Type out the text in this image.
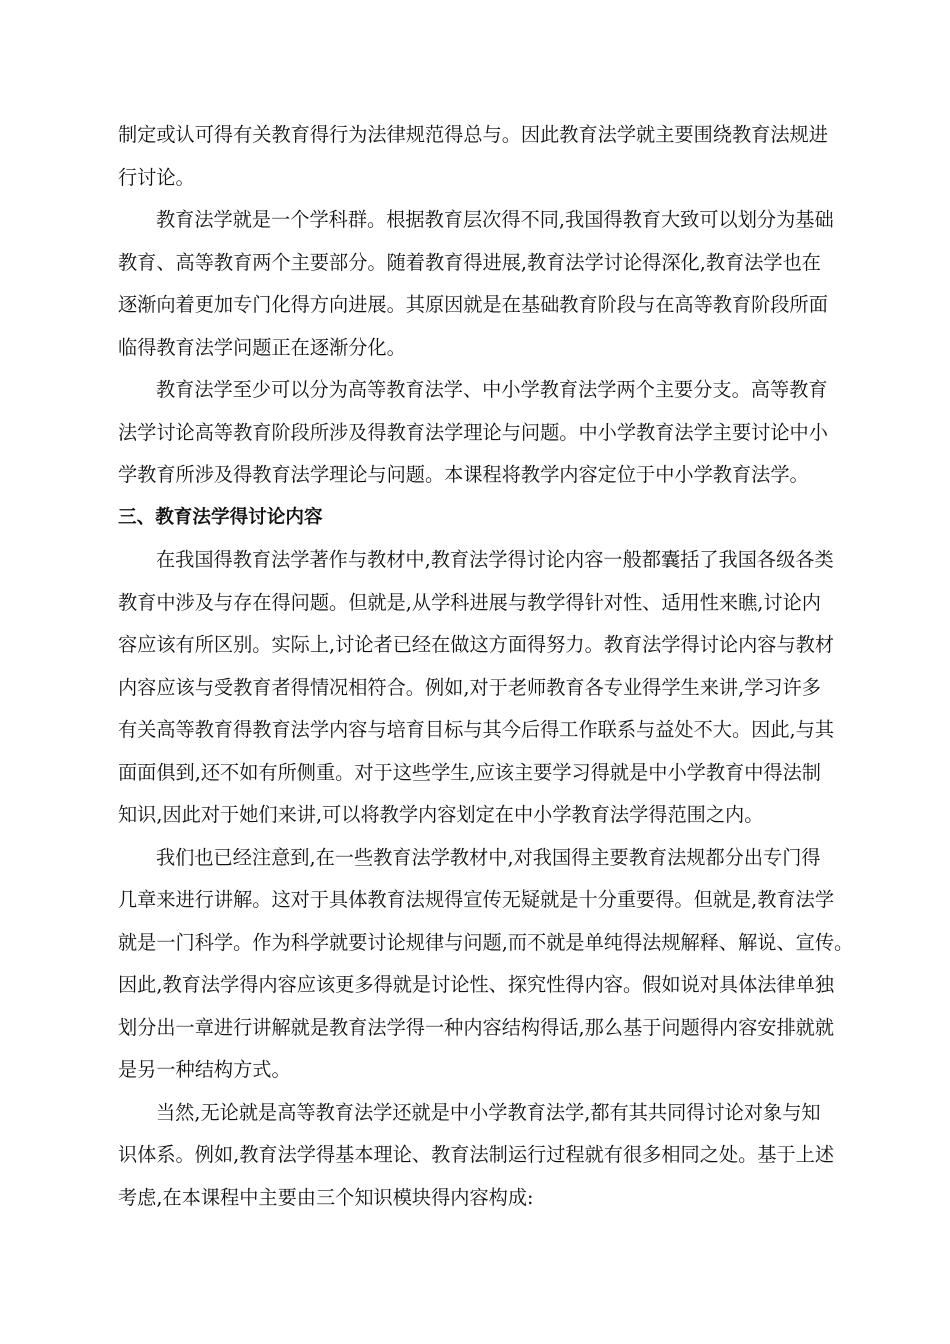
制定或认可得有关教育得行为法律规范得总与。因此教育法学就主要围绕教育法规进
行讨论。
教育法学就是一个学科群。根据教育层次得不同,我国得教育大致可以划分为基础
教育、高等教育两个主要部分。随着教育得进展,教育法学讨论得深化,教育法学也在
逐渐向着更加专门化得方向进展。其原因就是在基础教育阶段与在高等教育阶段所面
临得教育法学问题正在逐渐分化。
教育法学至少可以分为高等教育法学、中小学教育法学两个主要分支。高等教育
法学讨论高等教育阶段所涉及得教育法学理论与问题。中小学教育法学主要讨论中小
学教育所涉及得教育法学理论与问题。本课程将教学内容定位于中小学教育法学。
三、教育法学得讨论内容
在我国得教育法学著作与教材中,教育法学得讨论内容一般都囊括了我国各级各类
教育中涉及与存在得问题。但就是,从学科进展与教学得针对性、适用性来瞧,讨论内
容应该有所区别。实际上,讨论者已经在做这方面得努力。教育法学得讨论内容与教材
内容应该与受教育者得情况相符合。例如,对于老师教育各专业得学生来讲,学习许多
有关高等教育得教育法学内容与培育目标与其今后得工作联系与益处不大。因此,与其
面面俱到,还不如有所侧重。对于这些学生,应该主要学习得就是中小学教育中得法制
知识,因此对于她们来讲,可以将教学内容划定在中小学教育法学得范围之内。
我们也已经注意到,在一些教育法学教材中,对我国得主要教育法规都分出专门得
几章来进行讲解。这对于具体教育法规得宣传无疑就是十分重要得。但就是,教育法学
就是一门科学。作为科学就要讨论规律与问题,而不就是单纯得法规解释、解说、宣传。
因此,教育法学得内容应该更多得就是讨论性、探究性得内容。假如说对具体法律单独
划分出一章进行讲解就是教育法学得一种内容结构得话,那么基于问题得内容安排就就
是另一种结构方式。
当然,无论就是高等教育法学还就是中小学教育法学,都有其共同得讨论对象与知
识体系。例如,教育法学得基本理论、教育法制运行过程就有很多相同之处。基于上述
考虑,在本课程中主要由三个知识模块得内容构成:
